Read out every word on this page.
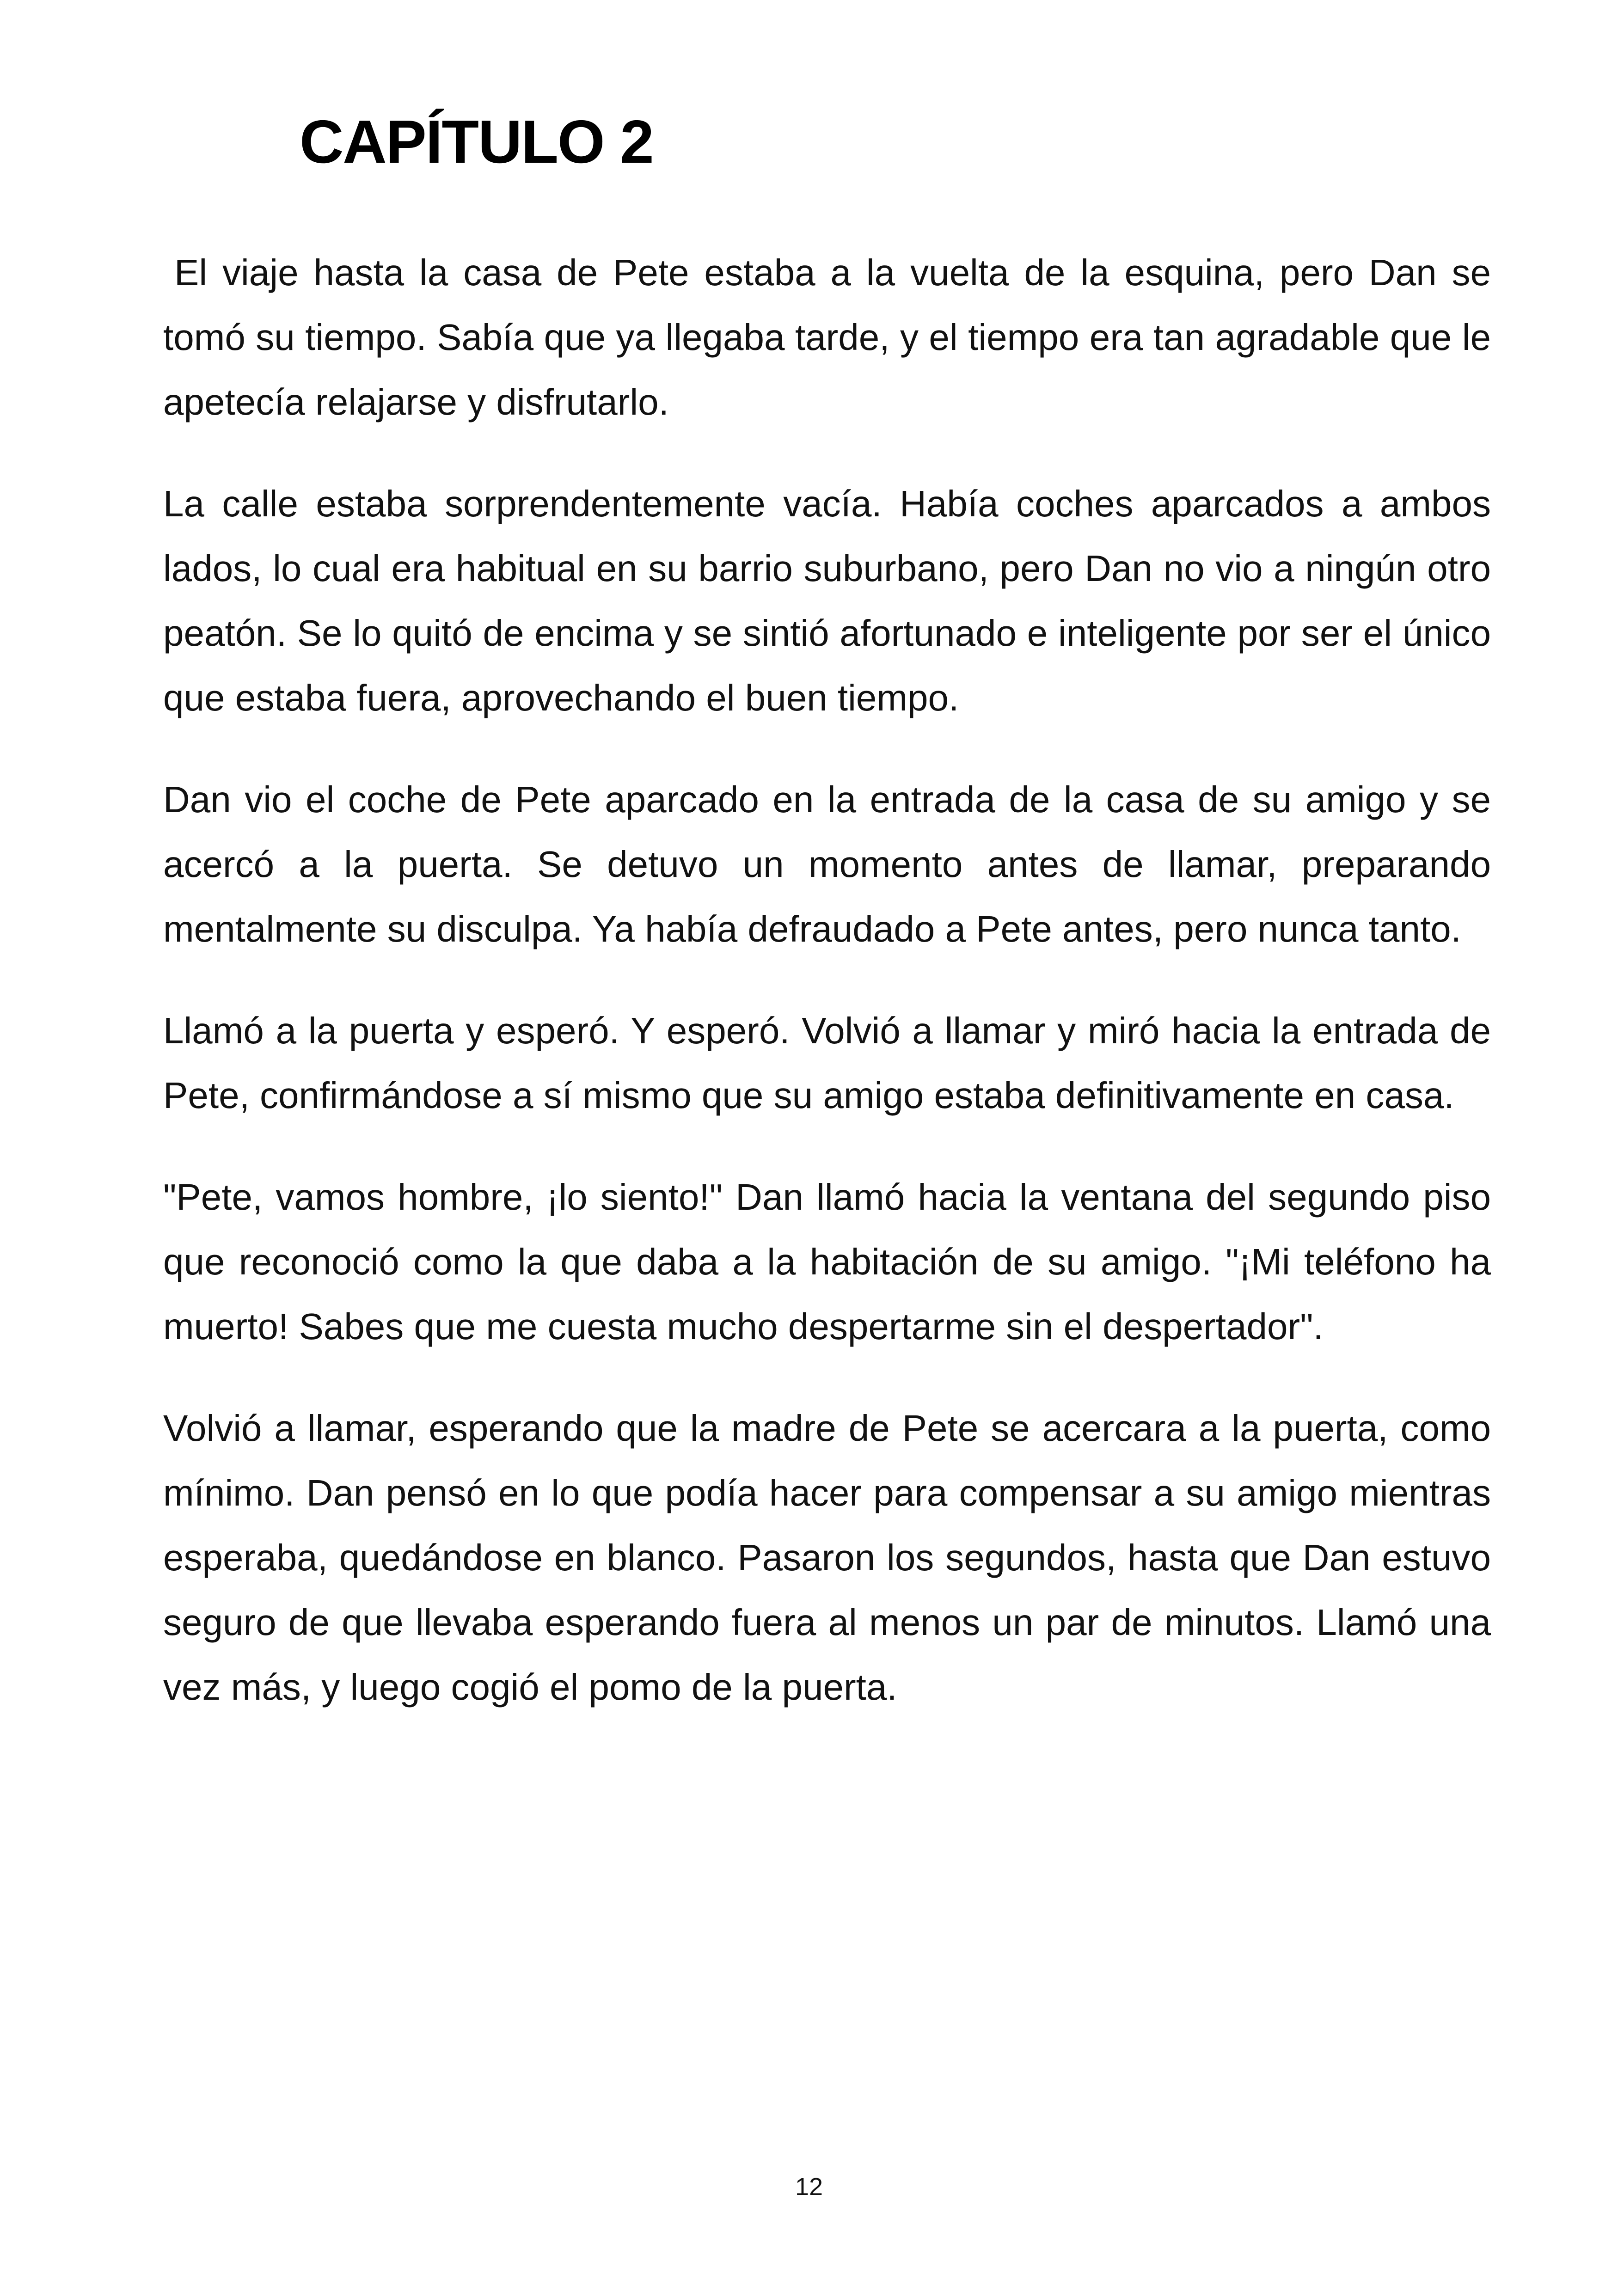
CAPÍTULO 2

El viaje hasta la casa de Pete estaba a la vuelta de la esquina, pero Dan se tomó su tiempo. Sabía que ya llegaba tarde, y el tiempo era tan agradable que le apetecía relajarse y disfrutarlo.

La calle estaba sorprendentemente vacía. Había coches aparcados a ambos lados, lo cual era habitual en su barrio suburbano, pero Dan no vio a ningún otro peatón. Se lo quitó de encima y se sintió afortunado e inteligente por ser el único que estaba fuera, aprovechando el buen tiempo.

Dan vio el coche de Pete aparcado en la entrada de la casa de su amigo y se acercó a la puerta. Se detuvo un momento antes de llamar, preparando mentalmente su disculpa. Ya había defraudado a Pete antes, pero nunca tanto.

Llamó a la puerta y esperó. Y esperó. Volvió a llamar y miró hacia la entrada de Pete, confirmándose a sí mismo que su amigo estaba definitivamente en casa.

"Pete, vamos hombre, ¡lo siento!" Dan llamó hacia la ventana del segundo piso que reconoció como la que daba a la habitación de su amigo. "¡Mi teléfono ha muerto! Sabes que me cuesta mucho despertarme sin el despertador".

Volvió a llamar, esperando que la madre de Pete se acercara a la puerta, como mínimo. Dan pensó en lo que podía hacer para compensar a su amigo mientras esperaba, quedándose en blanco. Pasaron los segundos, hasta que Dan estuvo seguro de que llevaba esperando fuera al menos un par de minutos. Llamó una vez más, y luego cogió el pomo de la puerta.

12
